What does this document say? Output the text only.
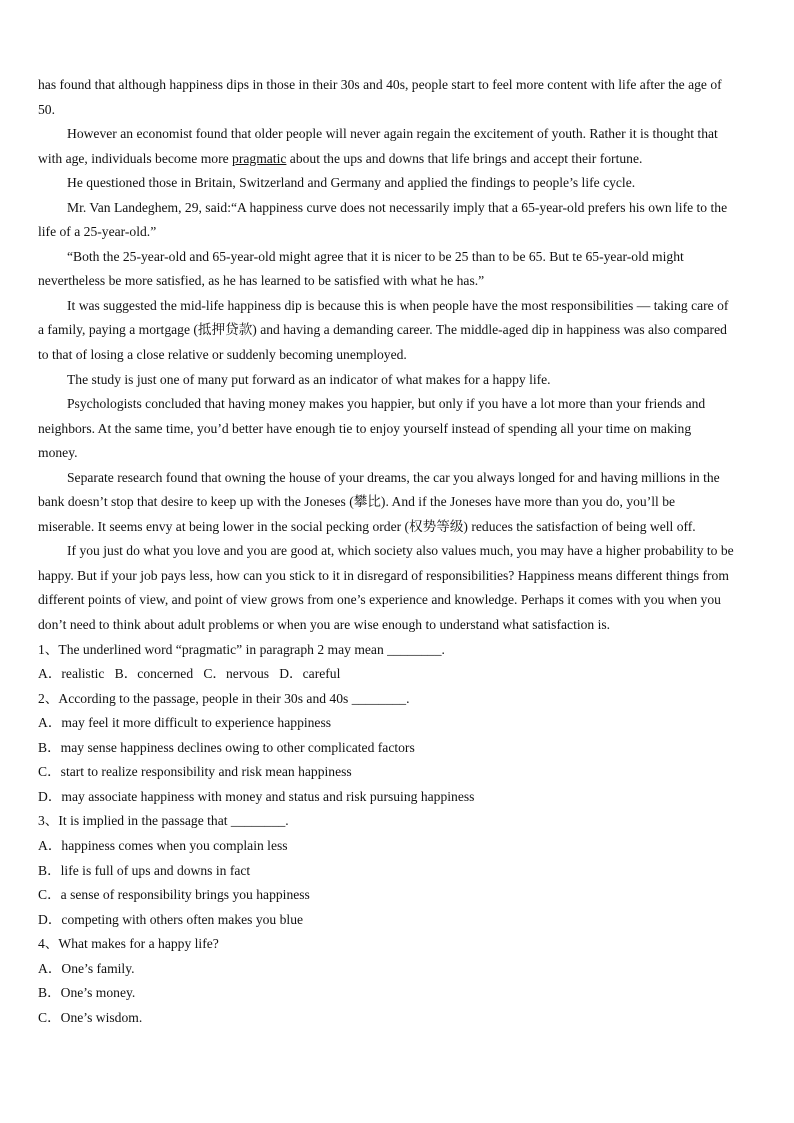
has found that although happiness dips in those in their 30s and 40s, people start to feel more content with life after the age of
50.
However an economist found that older people will never again regain the excitement of youth. Rather it is thought that
with age, individuals become more pragmatic about the ups and downs that life brings and accept their fortune.
He questioned those in Britain, Switzerland and Germany and applied the findings to people’s life cycle.
Mr. Van Landeghem, 29, said:“A happiness curve does not necessarily imply that a 65-year-old prefers his own life to the
life of a 25-year-old.”
“Both the 25-year-old and 65-year-old might agree that it is nicer to be 25 than to be 65. But te 65-year-old might
nevertheless be more satisfied, as he has learned to be satisfied with what he has.”
It was suggested the mid-life happiness dip is because this is when people have the most responsibilities — taking care of
a family, paying a mortgage (抵押贷款) and having a demanding career. The middle-aged dip in happiness was also compared
to that of losing a close relative or suddenly becoming unemployed.
The study is just one of many put forward as an indicator of what makes for a happy life.
Psychologists concluded that having money makes you happier, but only if you have a lot more than your friends and
neighbors. At the same time, you’d better have enough tie to enjoy yourself instead of spending all your time on making
money.
Separate research found that owning the house of your dreams, the car you always longed for and having millions in the
bank doesn’t stop that desire to keep up with the Joneses (攀比). And if the Joneses have more than you do, you’ll be
miserable. It seems envy at being lower in the social pecking order (权势等级) reduces the satisfaction of being well off.
If you just do what you love and you are good at, which society also values much, you may have a higher probability to be
happy. But if your job pays less, how can you stick to it in disregard of responsibilities? Happiness means different things from
different points of view, and point of view grows from one’s experience and knowledge. Perhaps it comes with you when you
don’t need to think about adult problems or when you are wise enough to understand what satisfaction is.
1、The underlined word “pragmatic” in paragraph 2 may mean ________.
A．realistic   B．concerned   C．nervous   D．careful
2、According to the passage, people in their 30s and 40s ________.
A．may feel it more difficult to experience happiness
B．may sense happiness declines owing to other complicated factors
C．start to realize responsibility and risk mean happiness
D．may associate happiness with money and status and risk pursuing happiness
3、It is implied in the passage that ________.
A．happiness comes when you complain less
B．life is full of ups and downs in fact
C．a sense of responsibility brings you happiness
D．competing with others often makes you blue
4、What makes for a happy life?
A．One’s family.
B．One’s money.
C．One’s wisdom.
